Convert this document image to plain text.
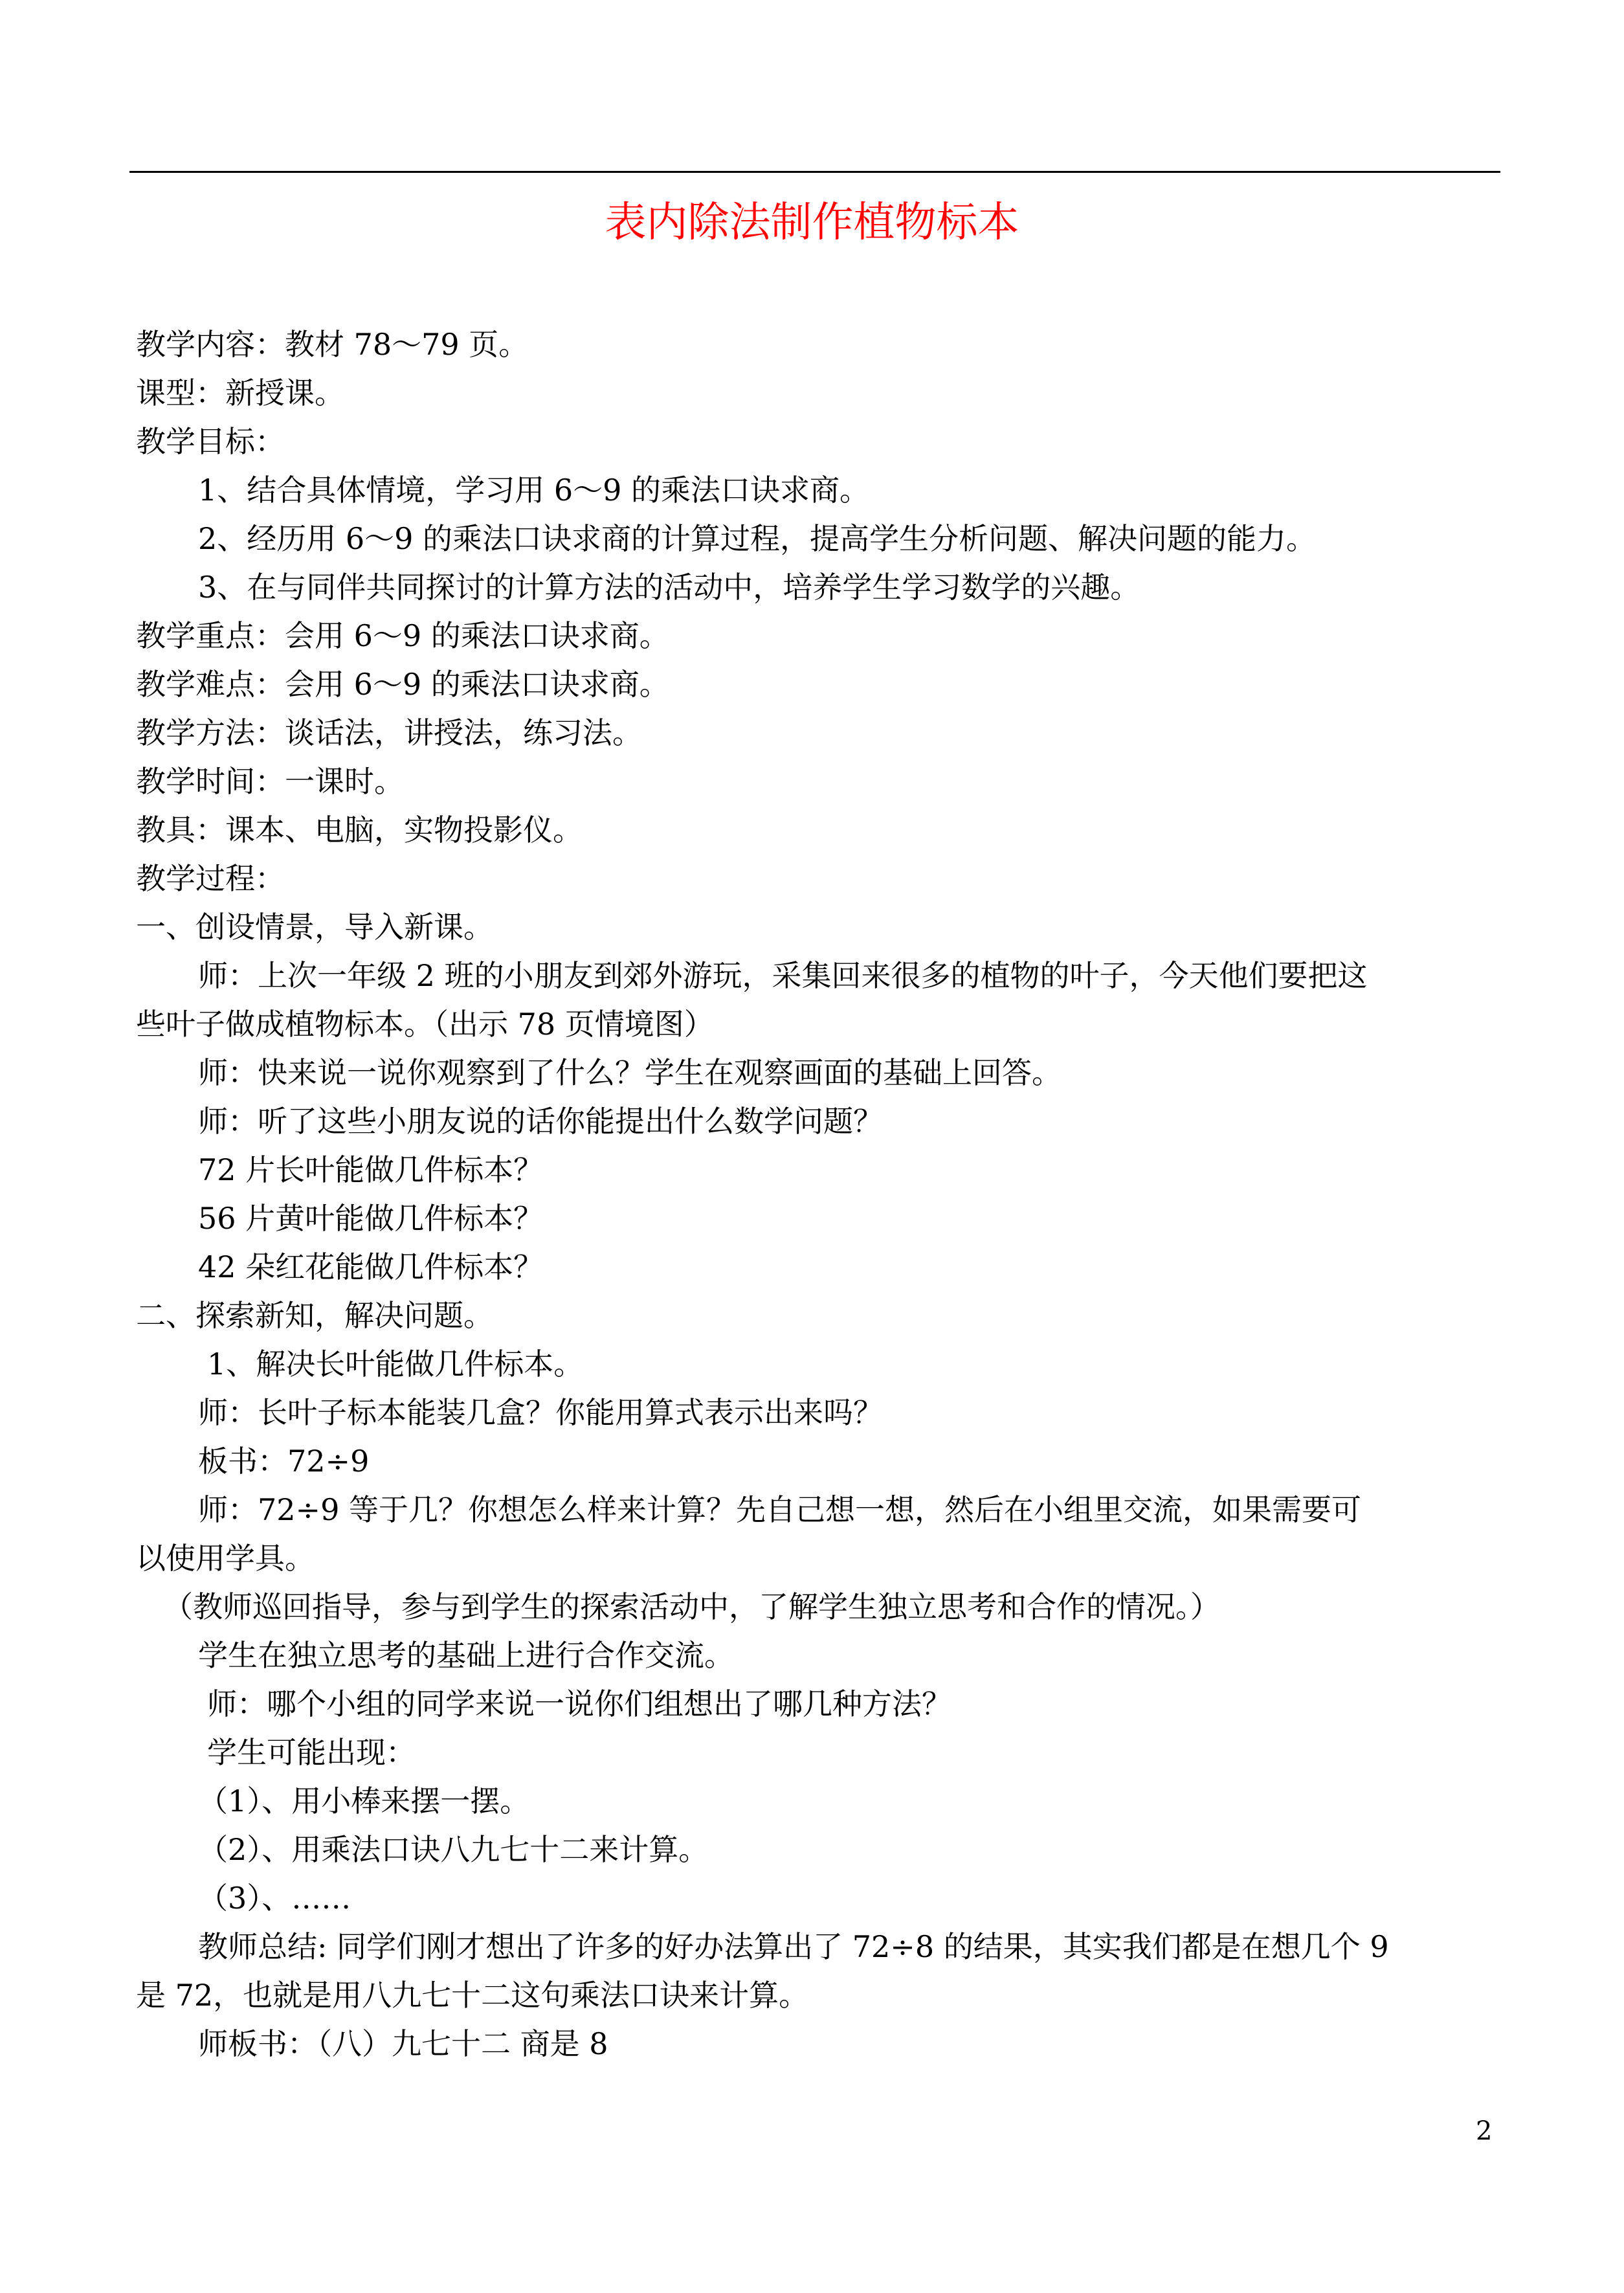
表内除法制作植物标本
教学内容：教材 78～79 页。
课型：新授课。
教学目标：
1、结合具体情境，学习用 6～9 的乘法口诀求商。
2、经历用 6～9 的乘法口诀求商的计算过程，提高学生分析问题、解决问题的能力。
3、在与同伴共同探讨的计算方法的活动中，培养学生学习数学的兴趣。
教学重点：会用 6～9 的乘法口诀求商。
教学难点：会用 6～9 的乘法口诀求商。
教学方法：谈话法，讲授法，练习法。
教学时间：一课时。
教具：课本、电脑，实物投影仪。
教学过程：
一、创设情景，导入新课。
师：上次一年级 2 班的小朋友到郊外游玩，采集回来很多的植物的叶子，今天他们要把这
些叶子做成植物标本。（出示 78 页情境图）
师：快来说一说你观察到了什么？学生在观察画面的基础上回答。
师：听了这些小朋友说的话你能提出什么数学问题？
72 片长叶能做几件标本？
56 片黄叶能做几件标本？
42 朵红花能做几件标本？
二、探索新知，解决问题。
1、解决长叶能做几件标本。
师：长叶子标本能装几盒？你能用算式表示出来吗？
板书：72÷9
师：72÷9 等于几？你想怎么样来计算？先自己想一想，然后在小组里交流，如果需要可
以使用学具。
（教师巡回指导，参与到学生的探索活动中，了解学生独立思考和合作的情况。）
学生在独立思考的基础上进行合作交流。
师：哪个小组的同学来说一说你们组想出了哪几种方法？
学生可能出现：
（1）、用小棒来摆一摆。
（2）、用乘法口诀八九七十二来计算。
（3）、……
教师总结: 同学们刚才想出了许多的好办法算出了 72÷8 的结果，其实我们都是在想几个 9
是 72，也就是用八九七十二这句乘法口诀来计算。
师板书：（八）九七十二 商是 8
2
